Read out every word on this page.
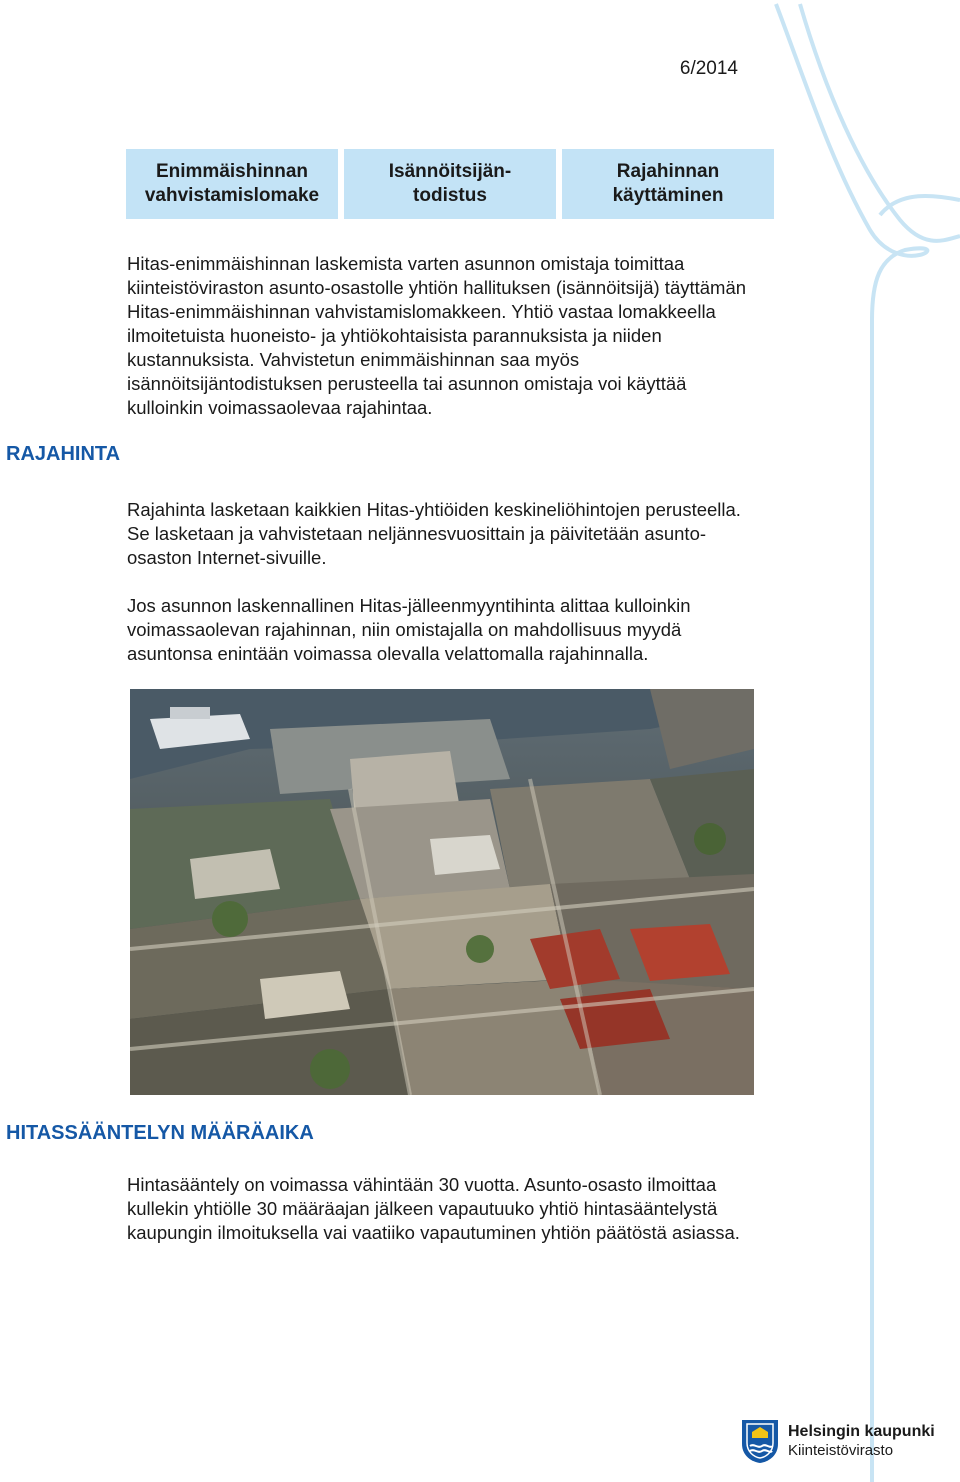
6/2014
Enimmäishinnan
vahvistamislomake
Isännöitsijän-
todistus
Rajahinnan
käyttäminen
RAJAHINTA

Hitas-enimmäishinnan laskemista varten asunnon omistaja toimittaa kiinteistöviraston asunto-osastolle yhtiön hallituksen (isännöitsijä) täyttämän Hitas-enimmäishinnan vahvistamislomakkeen. Yhtiö vastaa lomakkeella ilmoitetuista huoneisto- ja yhtiökohtaisista parannuksista ja niiden kustannuksista. Vahvistetun enimmäishinnan saa myös isännöitsijäntodistuksen perusteella tai asunnon omistaja voi käyttää kulloinkin voimassaolevaa rajahintaa.

Rajahinta lasketaan kaikkien Hitas-yhtiöiden keskineliöhintojen perusteella. Se lasketaan ja vahvistetaan neljännesvuosittain ja päivitetään asunto-osaston Internet-sivuille.

Jos asunnon laskennallinen Hitas-jälleenmyyntihinta alittaa kulloinkin voimassaolevan rajahinnan, niin omistajalla on mahdollisuus myydä asuntonsa enintään voimassa olevalla velattomalla rajahinnalla.

HITASSÄÄNTELYN MÄÄRÄAIKA

Hintasääntely on voimassa vähintään 30 vuotta. Asunto-osasto ilmoittaa kullekin yhtiölle 30 määräajan jälkeen vapautuuko yhtiö hintasääntelystä kaupungin ilmoituksella vai vaatiiko vapautuminen yhtiön päätöstä asiassa.

Helsingin kaupunki
Kiinteistövirasto
